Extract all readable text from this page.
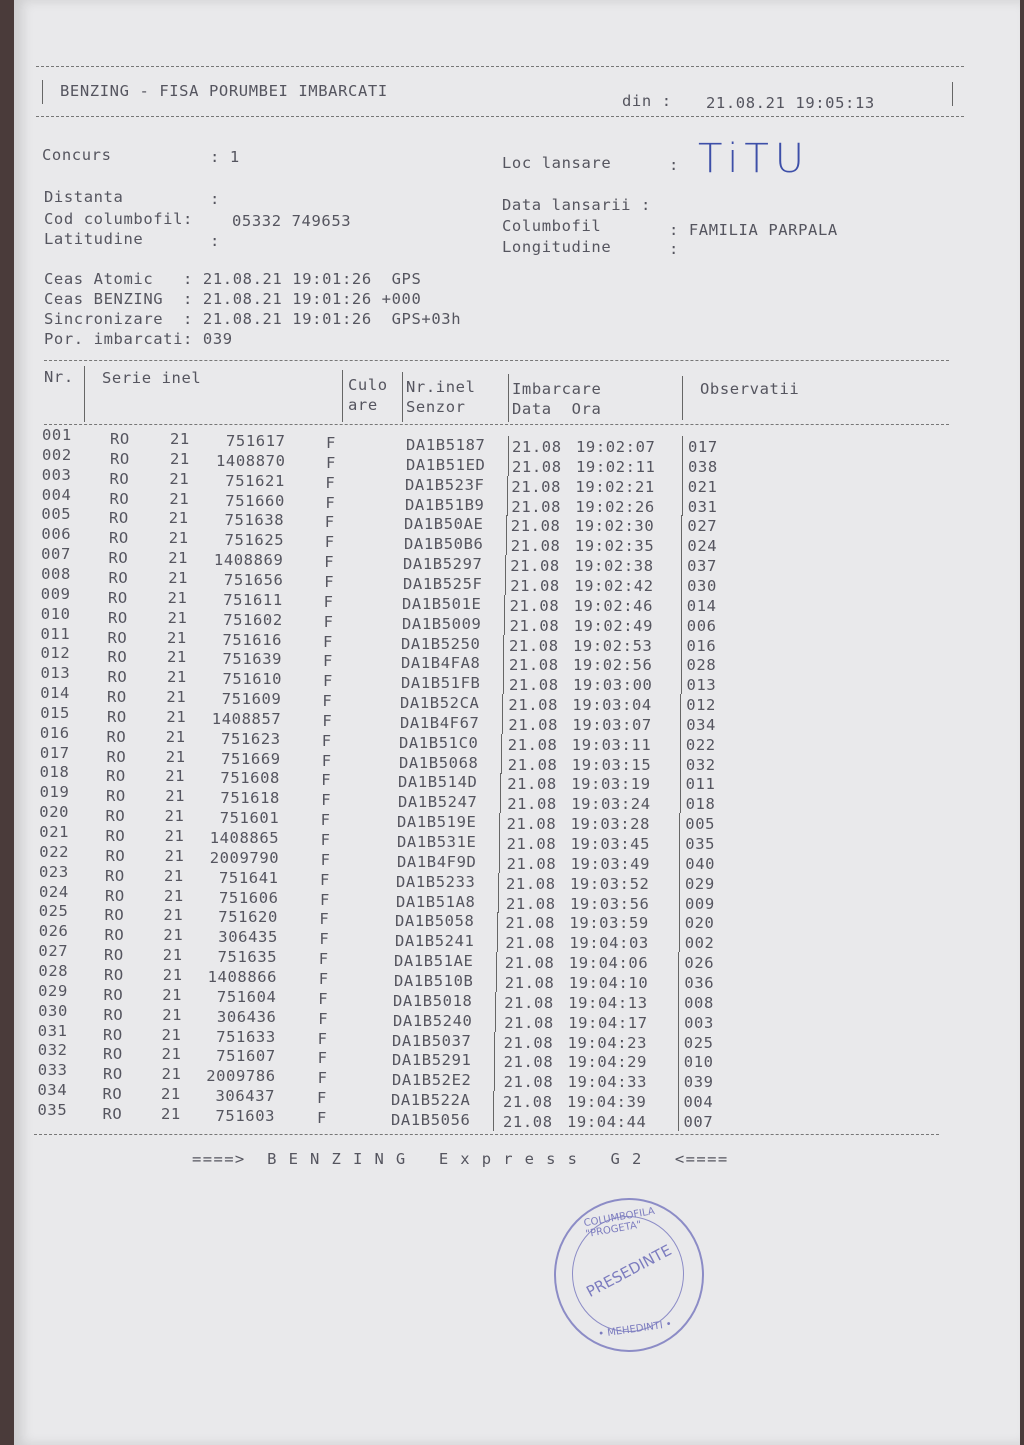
BENZING - FISA PORUMBEI IMBARCATI
din : 21.08.21 19:05:13
Concurs	: 1
Distanta	:
Cod columbofil:	05332 749653
Latitudine	:
Loc lansare	: TiTU
Data lansarii :
Columbofil	: FAMILIA PARPALA
Longitudine	:
Ceas Atomic   : 21.08.21 19:01:26  GPS
Ceas BENZING  : 21.08.21 19:01:26 +000
Sincronizare  : 21.08.21 19:01:26  GPS+03h
Por. imbarcati: 039
Nr. Serie inel	Culo
are
Nr.inel
Senzor
Imbarcare
Data  Ora
Observatii
001 RO	21 751617	F	DA1B5187 21.08 19:02:07 017
002 RO	21 1408870	F	DA1B51ED 21.08 19:02:11 038
003 RO	21 751621	F	DA1B523F 21.08 19:02:21 021
004 RO	21 751660	F	DA1B51B9 21.08 19:02:26 031
005 RO	21 751638	F	DA1B50AE 21.08 19:02:30 027
006 RO	21 751625	F	DA1B50B6 21.08 19:02:35 024
007 RO	21 1408869	F	DA1B5297 21.08 19:02:38 037
008 RO	21 751656	F	DA1B525F 21.08 19:02:42 030
009 RO	21 751611	F	DA1B501E 21.08 19:02:46 014
010 RO	21 751602	F	DA1B5009 21.08 19:02:49 006
011 RO	21 751616	F	DA1B5250 21.08 19:02:53 016
012 RO	21 751639	F	DA1B4FA8 21.08 19:02:56 028
013 RO	21 751610	F	DA1B51FB 21.08 19:03:00 013
014 RO	21 751609	F	DA1B52CA 21.08 19:03:04 012
015 RO	21 1408857	F	DA1B4F67 21.08 19:03:07 034
016 RO	21 751623	F	DA1B51C0 21.08 19:03:11 022
017 RO	21 751669	F	DA1B5068 21.08 19:03:15 032
018 RO	21 751608	F	DA1B514D 21.08 19:03:19 011
019 RO	21 751618	F	DA1B5247 21.08 19:03:24 018
020 RO	21 751601	F	DA1B519E 21.08 19:03:28 005
021 RO	21 1408865	F	DA1B531E 21.08 19:03:45 035
022 RO	21 2009790	F	DA1B4F9D 21.08 19:03:49 040
023 RO	21 751641	F	DA1B5233 21.08 19:03:52 029
024 RO	21 751606	F	DA1B51A8 21.08 19:03:56 009
025 RO	21 751620	F	DA1B5058 21.08 19:03:59 020
026 RO	21 306435	F	DA1B5241 21.08 19:04:03 002
027 RO	21 751635	F	DA1B51AE 21.08 19:04:06 026
028 RO	21 1408866	F	DA1B510B 21.08 19:04:10 036
029 RO	21 751604	F	DA1B5018 21.08 19:04:13 008
030 RO	21 306436	F	DA1B5240 21.08 19:04:17 003
031 RO 21 751633	F	DA1B5037 21.08 19:04:23 025
032 RO 21 751607	F	DA1B5291 21.08 19:04:29 010
033 RO 21 2009786	F	DA1B52E2 21.08 19:04:33 039
034 RO 21 306437	F	DA1B522A 21.08 19:04:39 004
035 RO 21 751603	F	DA1B5056 21.08 19:04:44 007
====>  B E N Z I N G   E x p r e s s   G 2   <====
COLUMBOFILA "PROGETA"
PRESEDINTE
• MEHEDINTI •
